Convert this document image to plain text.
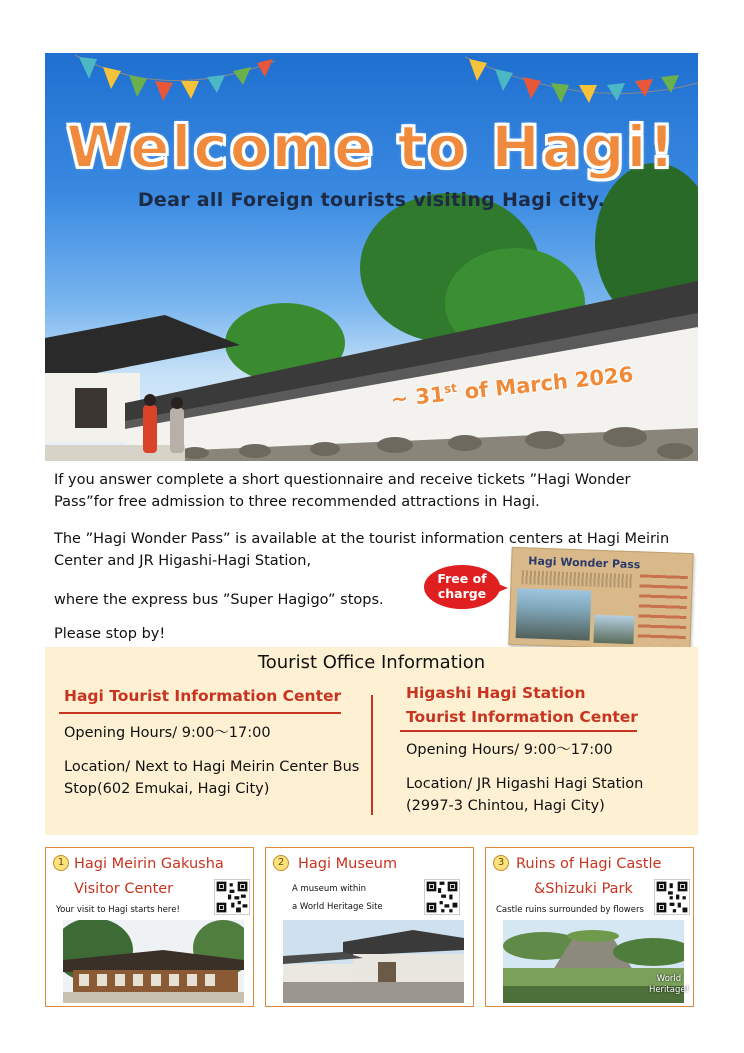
Welcome to Hagi!
Dear all Foreign tourists visiting Hagi city.
~ 31st of March 2026

If you answer complete a short questionnaire and receive tickets ”Hagi Wonder Pass”for free admission to three recommended attractions in Hagi.

The ”Hagi Wonder Pass” is available at the tourist information centers at Hagi Meirin Center and JR Higashi-Hagi Station,

where the express bus ”Super Hagigo” stops.

Please stop by!

Free of charge
Hagi Wonder Pass
Tourist Office Information
Hagi Tourist Information Center
Opening Hours/ 9:00～17:00
Location/ Next to Hagi Meirin Center Bus Stop(602 Emukai, Hagi City)
Higashi Hagi Station
Tourist Information Center
Opening Hours/ 9:00～17:00
Location/ JR Higashi Hagi Station
(2997-3 Chintou, Hagi City)
1 Hagi Meirin Gakusha
Visitor Center
Your visit to Hagi starts here!
2 Hagi Museum
A museum within
a World Heritage Site
3 Ruins of Hagi Castle
&Shizuki Park
Castle ruins surrounded by flowers
World
Heritage!
